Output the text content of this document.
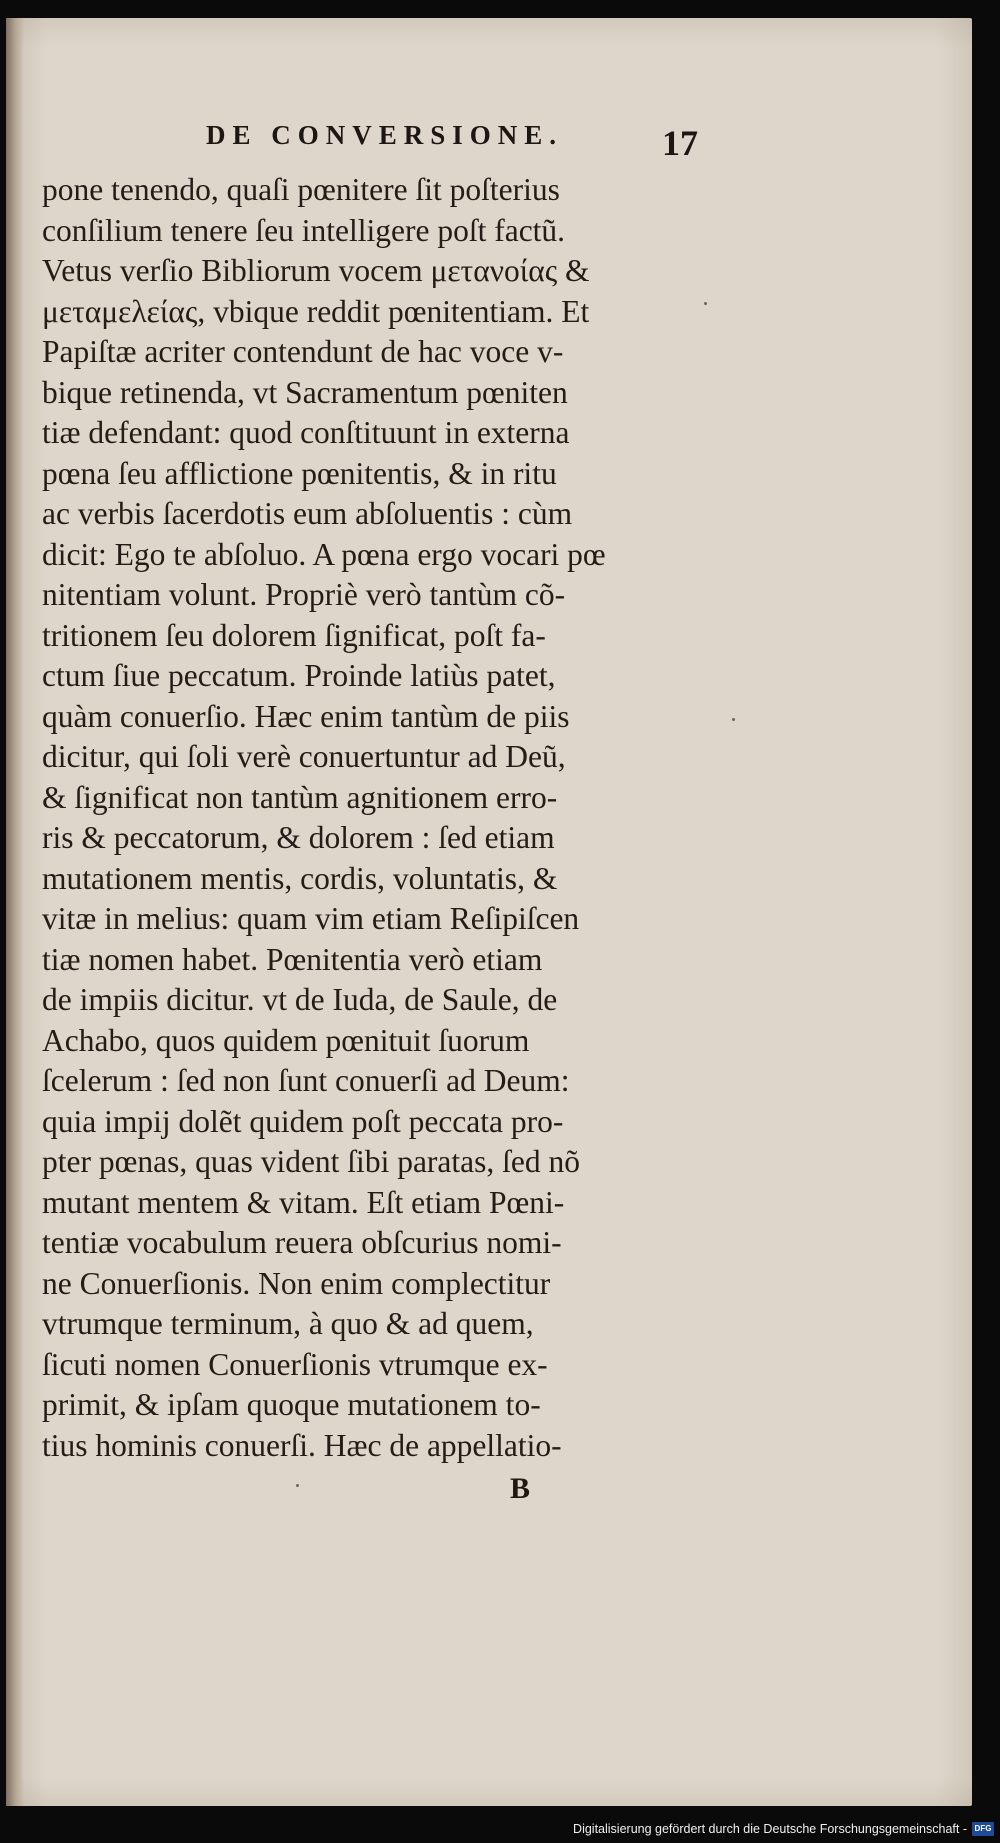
DE CONVERSIONE.	17
pone tenendo, quaſi pœnitere ſit poſterius
conſilium tenere ſeu intelligere poſt factũ.
Vetus verſio Bibliorum vocem μετανοίας &
μεταμελείας, vbique reddit pœnitentiam. Et
Papiſtæ acriter contendunt de hac voce v-
bique retinenda, vt Sacramentum pœniten
tiæ defendant: quod conſtituunt in externa
pœna ſeu afflictione pœnitentis, & in ritu
ac verbis ſacerdotis eum abſoluentis : cùm
dicit: Ego te abſoluo. A pœna ergo vocari pœ
nitentiam volunt. Propriè verò tantùm cõ-
tritionem ſeu dolorem ſignificat, poſt fa-
ctum ſiue peccatum. Proinde latiùs patet,
quàm conuerſio. Hæc enim tantùm de piis
dicitur, qui ſoli verè conuertuntur ad Deũ,
& ſignificat non tantùm agnitionem erro-
ris & peccatorum, & dolorem : ſed etiam
mutationem mentis, cordis, voluntatis, &
vitæ in melius: quam vim etiam Reſipiſcen
tiæ nomen habet. Pœnitentia verò etiam
de impiis dicitur. vt de Iuda, de Saule, de
Achabo, quos quidem pœnituit ſuorum
ſcelerum : ſed non ſunt conuerſi ad Deum:
quia impij dolẽt quidem poſt peccata pro-
pter pœnas, quas vident ſibi paratas, ſed nõ
mutant mentem & vitam. Eſt etiam Pœni-
tentiæ vocabulum reuera obſcurius nomi-
ne Conuerſionis. Non enim complectitur
vtrumque terminum, à quo & ad quem,
ſicuti nomen Conuerſionis vtrumque ex-
primit, & ipſam quoque mutationem to-
tius hominis conuerſi. Hæc de appellatio-
B
Digitalisierung gefördert durch die Deutsche Forschungsgemeinschaft - DFG
